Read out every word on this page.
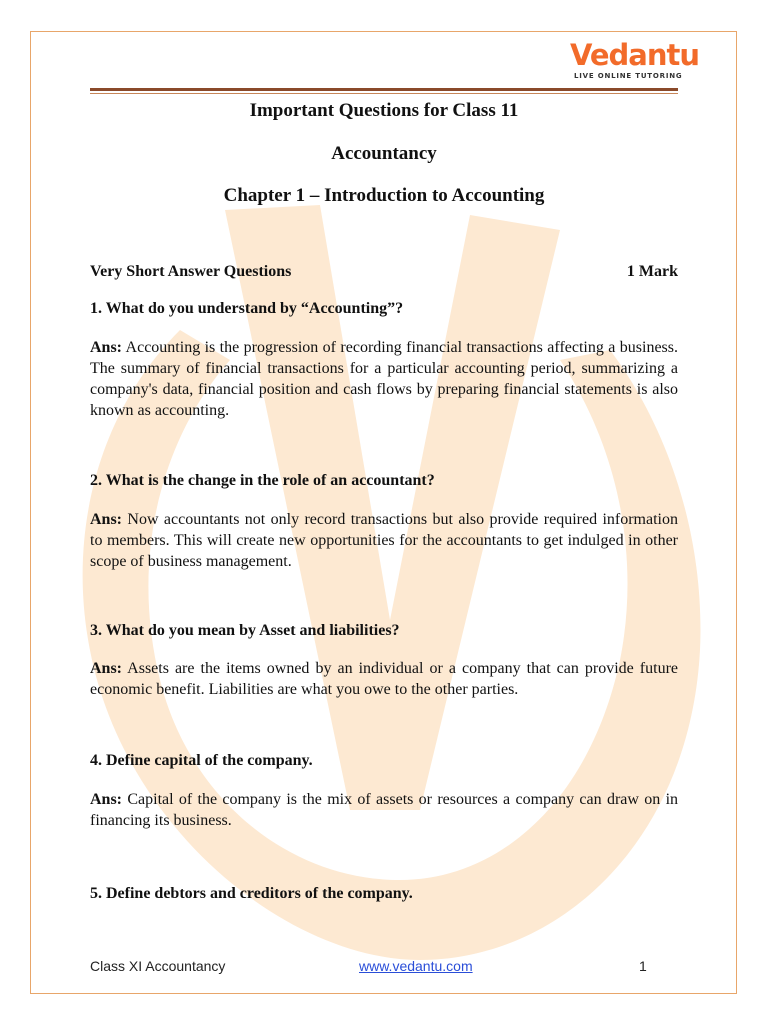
Vedantu
LIVE ONLINE TUTORING
Important Questions for Class 11
Accountancy
Chapter 1 – Introduction to Accounting
Very Short Answer Questions	1 Mark
1. What do you understand by “Accounting”?
Ans: Accounting is the progression of recording financial transactions affecting a business. The summary of financial transactions for a particular accounting period, summarizing a company's data, financial position and cash flows by preparing financial statements is also known as accounting.
2. What is the change in the role of an accountant?
Ans: Now accountants not only record transactions but also provide required information to members. This will create new opportunities for the accountants to get indulged in other scope of business management.
3. What do you mean by Asset and liabilities?
Ans: Assets are the items owned by an individual or a company that can provide future economic benefit. Liabilities are what you owe to the other parties.
4. Define capital of the company.
Ans: Capital of the company is the mix of assets or resources a company can draw on in financing its business.
5. Define debtors and creditors of the company.
Class XI Accountancy	www.vedantu.com	1
